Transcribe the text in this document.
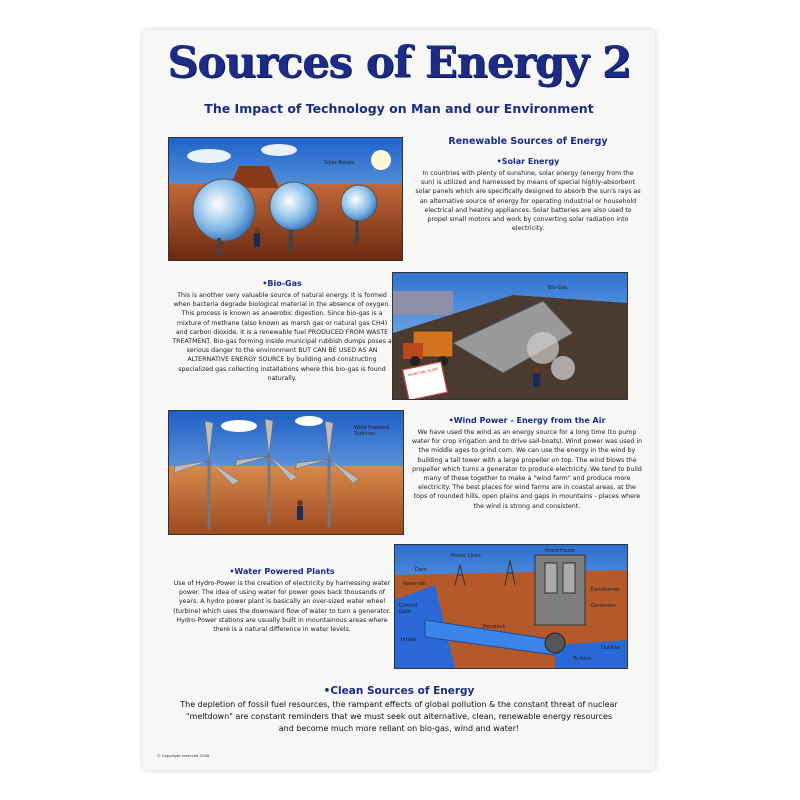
Sources of Energy 2
The Impact of Technology on Man and our Environment
Solar Panels
Renewable Sources of Energy
•Solar Energy
In countries with plenty of sunshine, solar energy (energy from the sun) is utilized and harnessed by means of special highly-absorbent solar panels which are specifically designed to absorb the sun's rays as an alternative source of energy for operating industrial or household electrical and heating appliances. Solar batteries are also used to propel small motors and work by converting solar radiation into electricity.
•Bio-Gas
This is another very valuable source of natural energy. It is formed when bacteria degrade biological material in the absence of oxygen. This process is known as anaerobic digestion. Since bio-gas is a mixture of methane (also known as marsh gas or natural gas CH4) and carbon dioxide, it is a renewable fuel PRODUCED FROM WASTE TREATMENT. Bio-gas forming inside municipal rubbish dumps poses a serious danger to the environment BUT CAN BE USED AS AN ALTERNATIVE ENERGY SOURCE by building and constructing specialized gas collecting installations where this bio-gas is found naturally.
Bio-Gas
MUNICIPAL DUMP
Wind Powered Turbines
•Wind Power - Energy from the Air
We have used the wind as an energy source for a long time (to pump water for crop irrigation and to drive sail-boats). Wind power was used in the middle ages to grind corn. We can use the energy in the wind by building a tall tower with a large propeller on top. The wind blows the propeller which turns a generator to produce electricity. We tend to build many of these together to make a "wind farm" and produce more electricity. The best places for wind farms are in coastal areas, at the tops of rounded hills, open plains and gaps in mountains - places where the wind is strong and consistent.
•Water Powered Plants
Use of Hydro-Power is the creation of electricity by harnessing water power. The idea of using water for power goes back thousands of years. A hydro power plant is basically an over-sized water wheel (turbine) which uses the downward flow of water to turn a generator. Hydro-Power stations are usually built in mountainous areas where there is a natural difference in water levels.
Power Lines
Powerhouse
Dam
Reservoir
Transformer
Generator
Control Gate
Intake
Penstock
Turbine
Outflow
•Clean Sources of Energy
The depletion of fossil fuel resources, the rampant effects of global pollution & the constant threat of nuclear "meltdown" are constant reminders that we must seek out alternative, clean, renewable energy resources and become much more reliant on bio-gas, wind and water!
© Copyright reserved 2008
